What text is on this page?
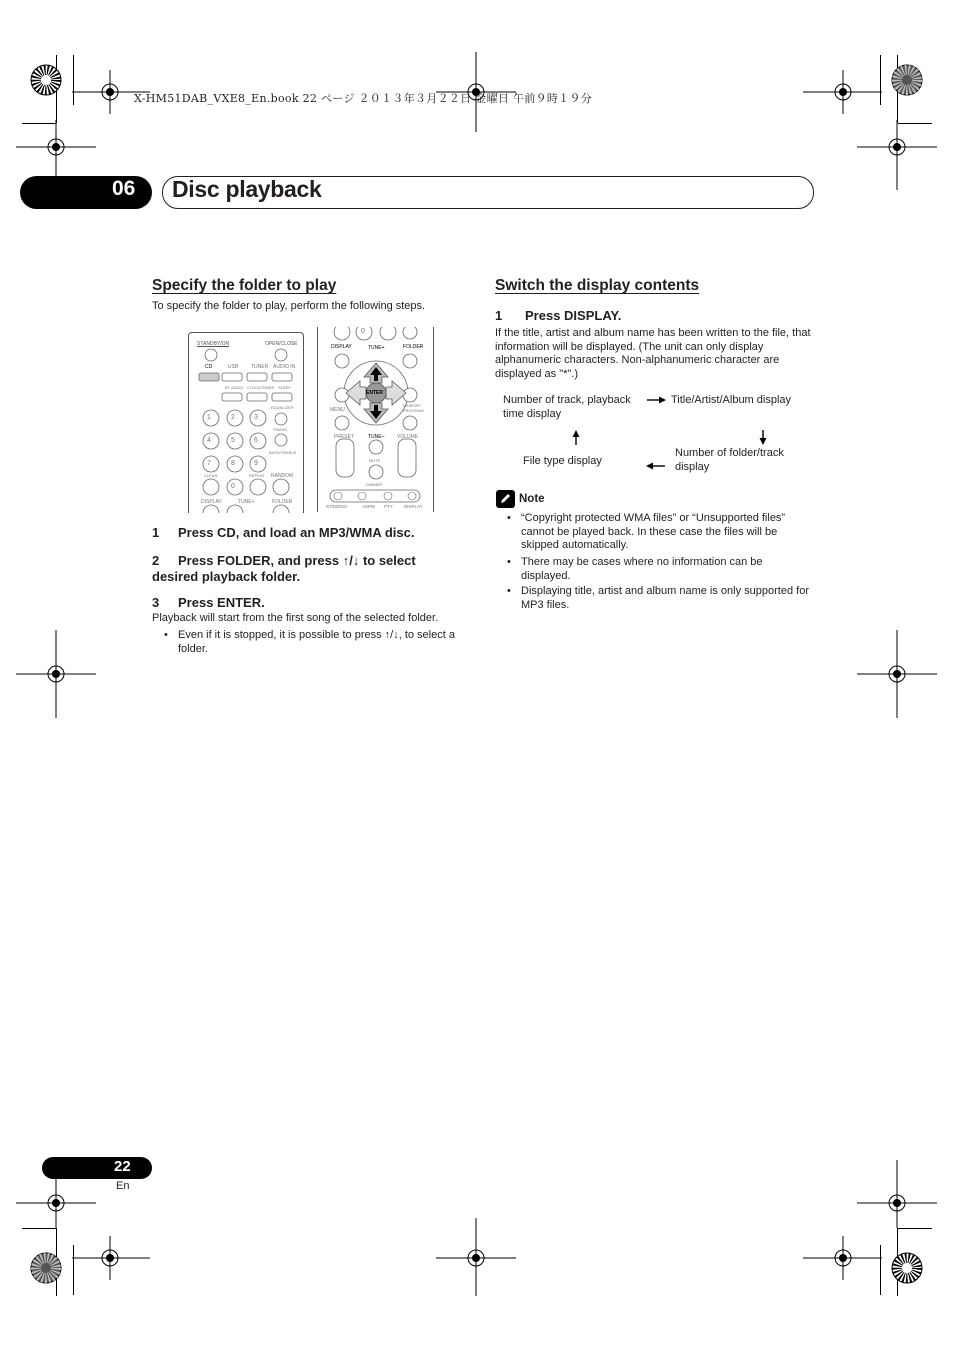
X-HM51DAB_VXE8_En.book 22 ページ ２０１３年３月２２日 金曜日 午前９時１９分
06 Disc playback
Specify the folder to play
To specify the folder to play, perform the following steps.
STANDBY/ON	OPEN/CLOSE
CD	USB	TUNER AUDIO IN
BT AUDIO CLOCK/TIMER SLEEP
EQUALIZER
P.BASS
BASS/TREBLE
1	2	3
4	5	6
7	8	9
0
CLEAR	REPEAT RANDOM
DISPLAY	TUNE+	FOLDER
0
DISPLAY	TUNE+	FOLDER
MENU
ENTER
MEMORY PROGRAM
PRESET	TUNE–	VOLUME
MUTE
DIMMER
ST/MONO	ASPM PTY DISPLAY
1 Press CD, and load an MP3/WMA disc.
2 Press FOLDER, and press ↑/↓ to select desired playback folder.
3 Press ENTER.
Playback will start from the first song of the selected folder.
• Even if it is stopped, it is possible to press ↑/↓, to select a folder.
Switch the display contents
1 Press DISPLAY.
If the title, artist and album name has been written to the file, that information will be displayed. (The unit can only display alphanumeric characters. Non-alphanumeric character are displayed as "*".)
Number of track, playback time display
Title/Artist/Album display
Number of folder/track display
File type display
Note
• “Copyright protected WMA files” or “Unsupported files” cannot be played back. In these case the files will be skipped automatically.
• There may be cases where no information can be displayed.
• Displaying title, artist and album name is only supported for MP3 files.
22
En
